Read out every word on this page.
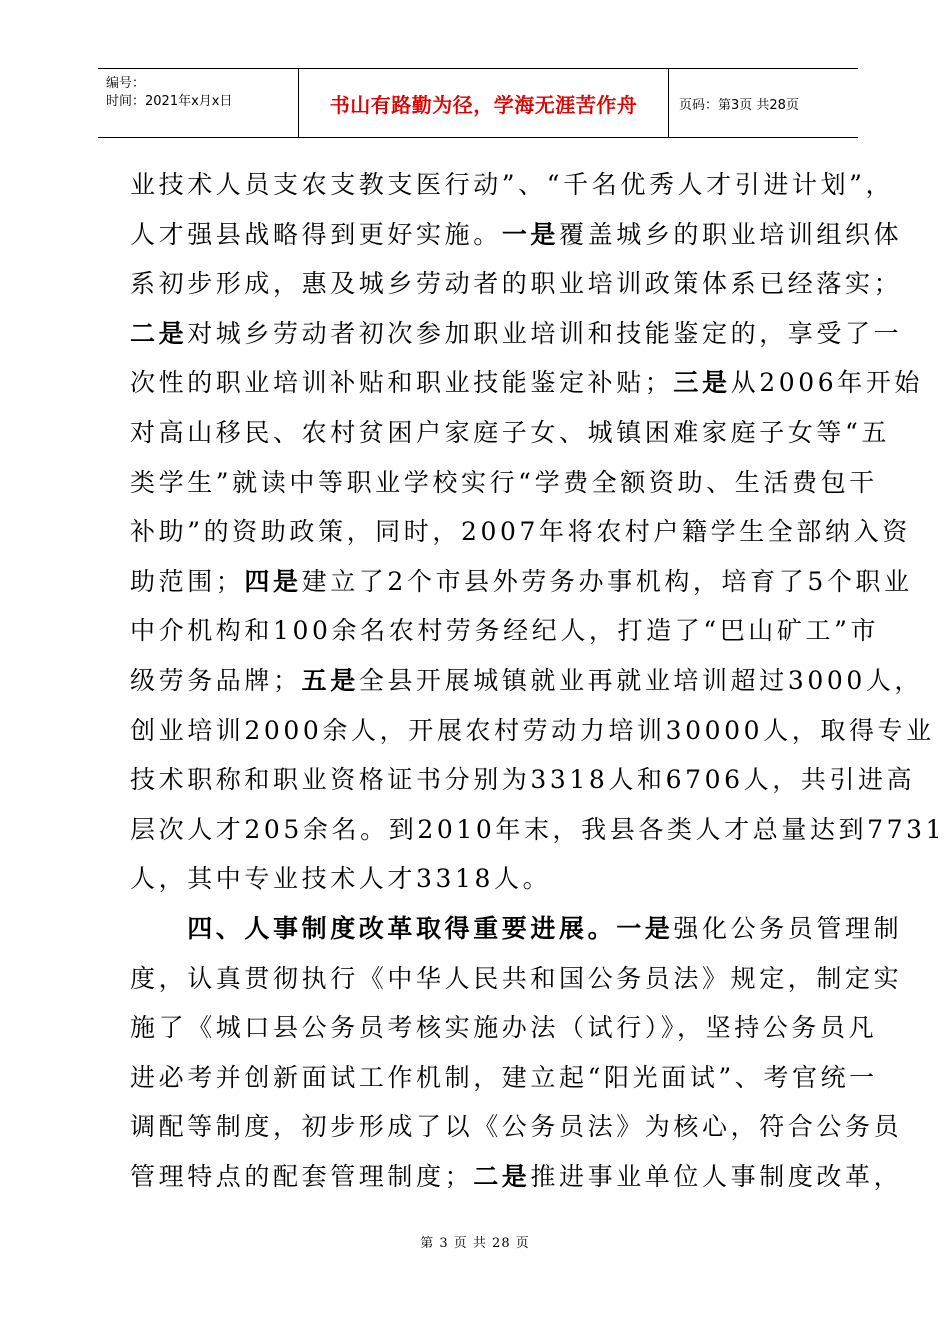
编号：
时间：2021年x月x日	书山有路勤为径，学海无涯苦作舟	页码：第3页 共28页

业技术人员支农支教支医行动”、“千名优秀人才引进计划”，

人才强县战略得到更好实施。一是覆盖城乡的职业培训组织体

系初步形成，惠及城乡劳动者的职业培训政策体系已经落实；

二是对城乡劳动者初次参加职业培训和技能鉴定的，享受了一

次性的职业培训补贴和职业技能鉴定补贴；三是从2006年开始

对高山移民、农村贫困户家庭子女、城镇困难家庭子女等“五

类学生”就读中等职业学校实行“学费全额资助、生活费包干

补助”的资助政策，同时，2007年将农村户籍学生全部纳入资

助范围；四是建立了2个市县外劳务办事机构，培育了5个职业

中介机构和100余名农村劳务经纪人，打造了“巴山矿工”市

级劳务品牌；五是全县开展城镇就业再就业培训超过3000人，

创业培训2000余人，开展农村劳动力培训30000人，取得专业

技术职称和职业资格证书分别为3318人和6706人，共引进高

层次人才205余名。到2010年末，我县各类人才总量达到7731

人，其中专业技术人才3318人。

　　四、人事制度改革取得重要进展。一是强化公务员管理制

度，认真贯彻执行《中华人民共和国公务员法》规定，制定实

施了《城口县公务员考核实施办法（试行）》，坚持公务员凡

进必考并创新面试工作机制，建立起“阳光面试”、考官统一

调配等制度，初步形成了以《公务员法》为核心，符合公务员

管理特点的配套管理制度；二是推进事业单位人事制度改革，

第 3 页 共 28 页
